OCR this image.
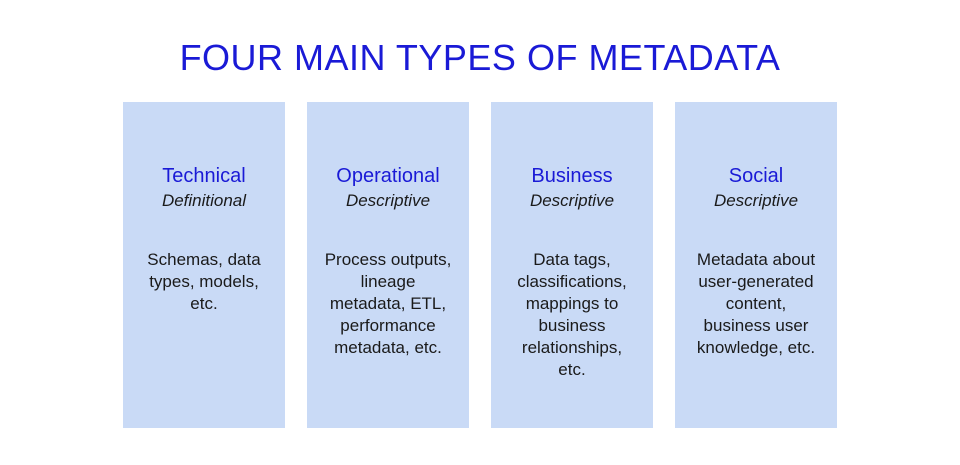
FOUR MAIN TYPES OF METADATA
Technical
Definitional
Schemas, data
types, models,
etc.
Operational
Descriptive
Process outputs,
lineage
metadata, ETL,
performance
metadata, etc.
Business
Descriptive
Data tags,
classifications,
mappings to
business
relationships,
etc.
Social
Descriptive
Metadata about
user-generated
content,
business user
knowledge, etc.
